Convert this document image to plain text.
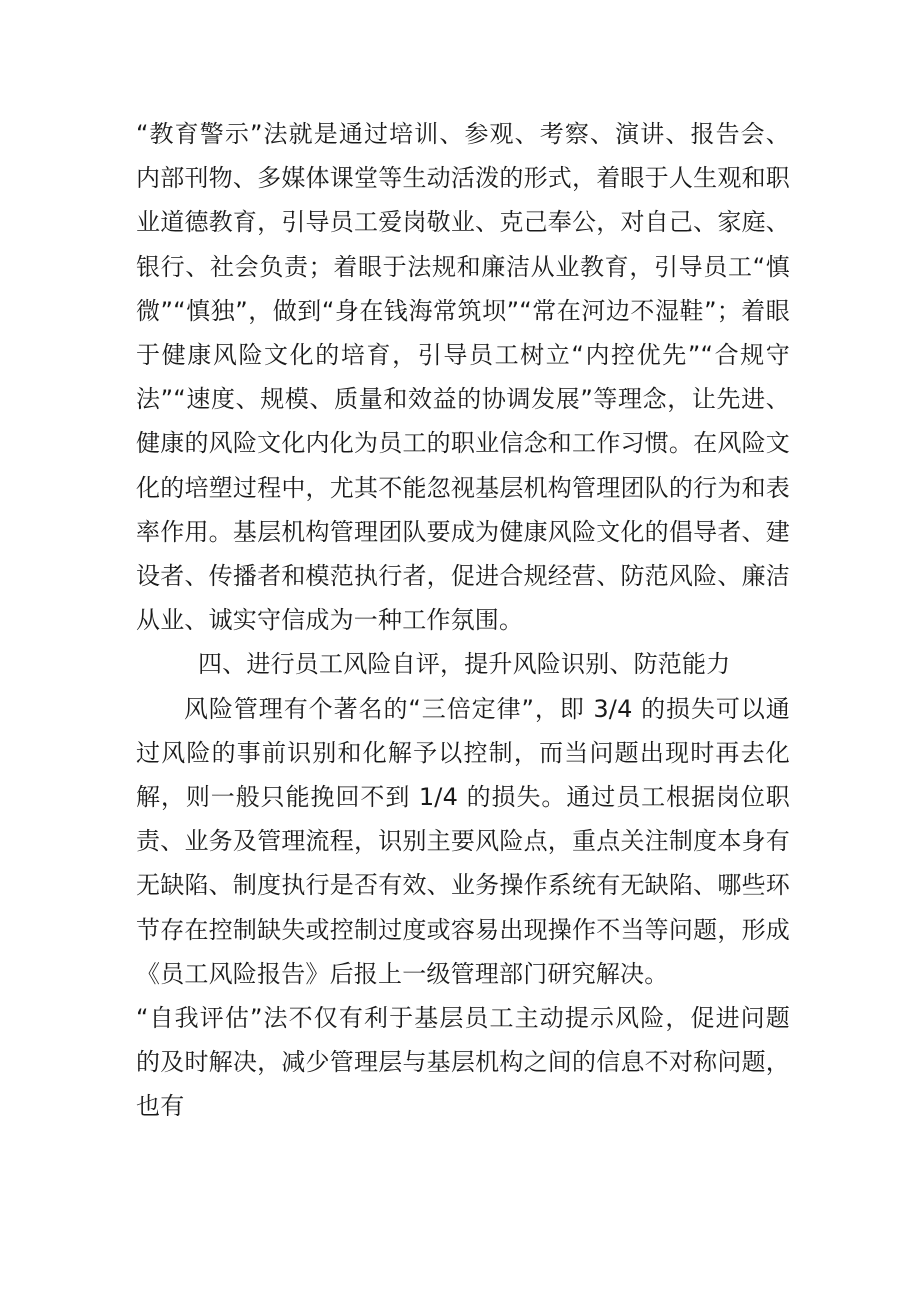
“教育警示”法就是通过培训、参观、考察、演讲、报告会、内部刊物、多媒体课堂等生动活泼的形式，着眼于人生观和职业道德教育，引导员工爱岗敬业、克己奉公，对自己、家庭、银行、社会负责；着眼于法规和廉洁从业教育，引导员工“慎微”“慎独”，做到“身在钱海常筑坝”“常在河边不湿鞋”；着眼于健康风险文化的培育，引导员工树立“内控优先”“合规守法”“速度、规模、质量和效益的协调发展”等理念，让先进、健康的风险文化内化为员工的职业信念和工作习惯。在风险文化的培塑过程中，尤其不能忽视基层机构管理团队的行为和表率作用。基层机构管理团队要成为健康风险文化的倡导者、建设者、传播者和模范执行者，促进合规经营、防范风险、廉洁从业、诚实守信成为一种工作氛围。

四、进行员工风险自评，提升风险识别、防范能力

风险管理有个著名的“三倍定律”，即 3/4 的损失可以通过风险的事前识别和化解予以控制，而当问题出现时再去化解，则一般只能挽回不到 1/4 的损失。通过员工根据岗位职责、业务及管理流程，识别主要风险点，重点关注制度本身有无缺陷、制度执行是否有效、业务操作系统有无缺陷、哪些环节存在控制缺失或控制过度或容易出现操作不当等问题，形成《员工风险报告》后报上一级管理部门研究解决。

“自我评估”法不仅有利于基层员工主动提示风险，促进问题的及时解决，减少管理层与基层机构之间的信息不对称问题，也有
